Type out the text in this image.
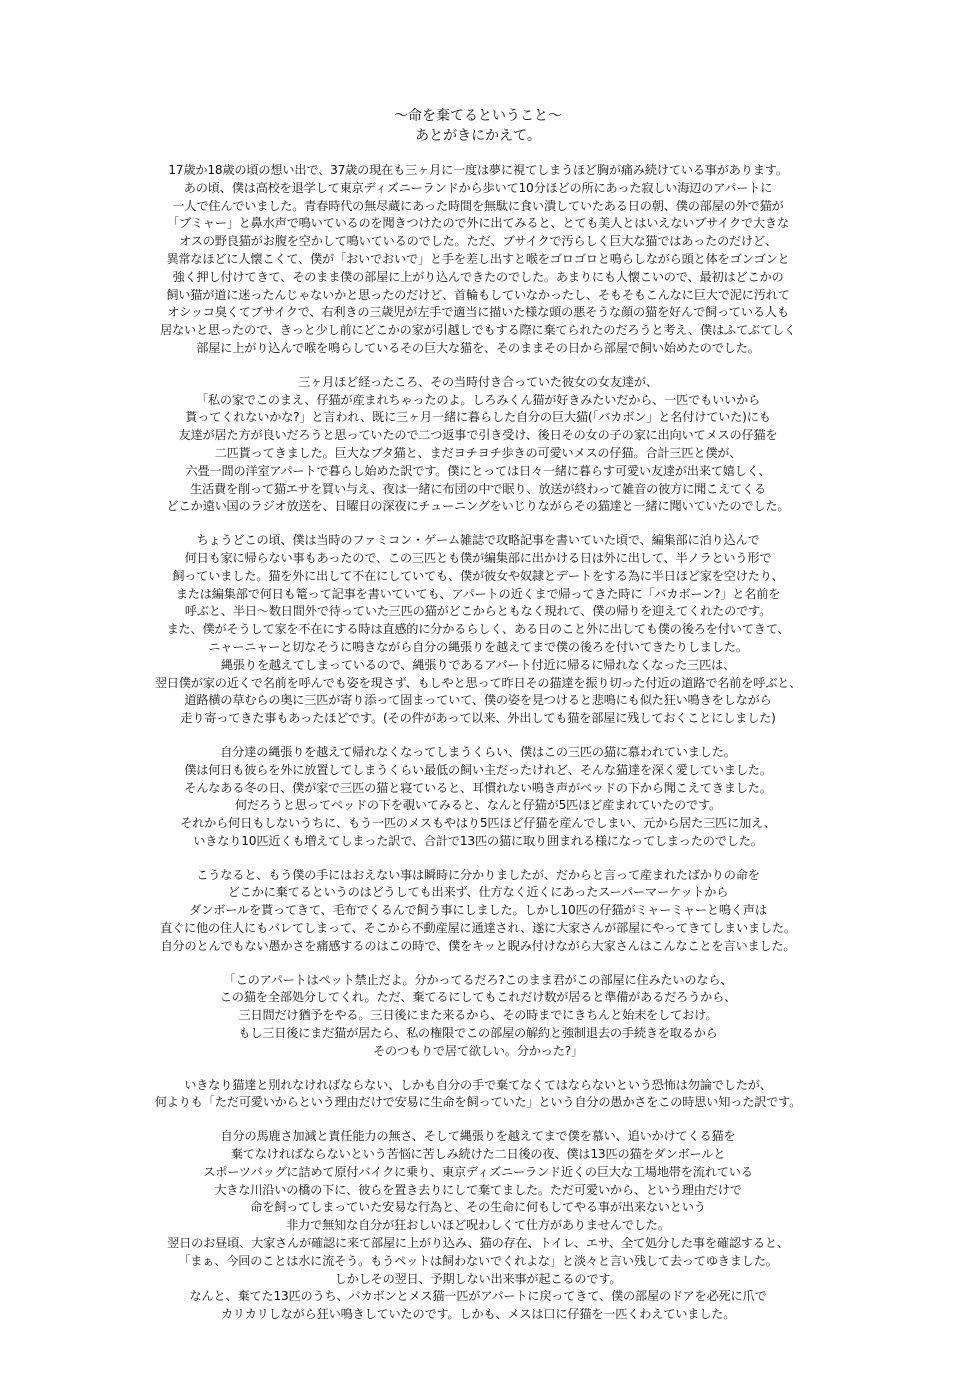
〜命を棄てるということ〜
あとがきにかえて。
17歳か18歳の頃の想い出で、37歳の現在も三ヶ月に一度は夢に視てしまうほど胸が痛み続けている事があります。
あの頃、僕は高校を退学して東京ディズニーランドから歩いて10分ほどの所にあった寂しい海辺のアパートに
一人で住んでいました。青春時代の無尽蔵にあった時間を無駄に食い潰していたある日の朝、僕の部屋の外で猫が
「ブミャー」と鼻水声で鳴いているのを聞きつけたので外に出てみると、とても美人とはいえないブサイクで大きな
オスの野良猫がお腹を空かして鳴いているのでした。ただ、ブサイクで汚らしく巨大な猫ではあったのだけど、
異常なほどに人懐こくて、僕が「おいでおいで」と手を差し出すと喉をゴロゴロと鳴らしながら頭と体をゴンゴンと
強く押し付けてきて、そのまま僕の部屋に上がり込んできたのでした。あまりにも人懐こいので、最初はどこかの
飼い猫が道に迷ったんじゃないかと思ったのだけど、首輪もしていなかったし、そもそもこんなに巨大で泥に汚れて
オシッコ臭くてブサイクで、右利きの三歳児が左手で適当に描いた様な頭の悪そうな顔の猫を好んで飼っている人も
居ないと思ったので、きっと少し前にどこかの家が引越しでもする際に棄てられたのだろうと考え、僕はふてぶてしく
部屋に上がり込んで喉を鳴らしているその巨大な猫を、そのままその日から部屋で飼い始めたのでした。
三ヶ月ほど経ったころ、その当時付き合っていた彼女の女友達が、
「私の家でこのまえ、仔猫が産まれちゃったのよ。しろみくん猫が好きみたいだから、一匹でもいいから
貰ってくれないかな?」と言われ、既に三ヶ月一緒に暮らした自分の巨大猫(「バカボン」と名付けていた)にも
友達が居た方が良いだろうと思っていたので二つ返事で引き受け、後日その女の子の家に出向いてメスの仔猫を
二匹貰ってきました。巨大なブタ猫と、まだヨチヨチ歩きの可愛いメスの仔猫。合計三匹と僕が、
六畳一間の洋室アパートで暮らし始めた訳です。僕にとっては日々一緒に暮らす可愛い友達が出来て嬉しく、
生活費を削って猫エサを買い与え、夜は一緒に布団の中で眠り、放送が終わって雑音の彼方に聞こえてくる
どこか遠い国のラジオ放送を、日曜日の深夜にチューニングをいじりながらその猫達と一緒に聞いていたのでした。
ちょうどこの頃、僕は当時のファミコン・ゲーム雑誌で攻略記事を書いていた頃で、編集部に泊り込んで
何日も家に帰らない事もあったので、この三匹とも僕が編集部に出かける日は外に出して、半ノラという形で
飼っていました。猫を外に出して不在にしていても、僕が彼女や奴隷とデートをする為に半日ほど家を空けたり、
または編集部で何日も篭って記事を書いていても、アパートの近くまで帰ってきた時に「バカボーン?」と名前を
呼ぶと、半日〜数日間外で待っていた三匹の猫がどこからともなく現れて、僕の帰りを迎えてくれたのです。
また、僕がそうして家を不在にする時は直感的に分かるらしく、ある日のこと外に出しても僕の後ろを付いてきて、
ニャーニャーと切なそうに鳴きながら自分の縄張りを越えてまで僕の後ろを付いてきたりしました。
縄張りを越えてしまっているので、縄張りであるアパート付近に帰るに帰れなくなった三匹は、
翌日僕が家の近くで名前を呼んでも姿を現さず、もしやと思って昨日その猫達を振り切った付近の道路で名前を呼ぶと、
道路横の草むらの奥に三匹が寄り添って固まっていて、僕の姿を見つけると悲鳴にも似た狂い鳴きをしながら
走り寄ってきた事もあったほどです。(その件があって以来、外出しても猫を部屋に残しておくことにしました)
自分達の縄張りを越えて帰れなくなってしまうくらい、僕はこの三匹の猫に慕われていました。
僕は何日も彼らを外に放置してしまうくらい最低の飼い主だったけれど、そんな猫達を深く愛していました。
そんなある冬の日、僕が家で三匹の猫と寝ていると、耳慣れない鳴き声がベッドの下から聞こえてきました。
何だろうと思ってベッドの下を覗いてみると、なんと仔猫が5匹ほど産まれていたのです。
それから何日もしないうちに、もう一匹のメスもやはり5匹ほど仔猫を産んでしまい、元から居た三匹に加え、
いきなり10匹近くも増えてしまった訳で、合計で13匹の猫に取り囲まれる様になってしまったのでした。
こうなると、もう僕の手にはおえない事は瞬時に分かりましたが、だからと言って産まれたばかりの命を
どこかに棄てるというのはどうしても出来ず、仕方なく近くにあったスーパーマーケットから
ダンボールを貰ってきて、毛布でくるんで飼う事にしました。しかし10匹の仔猫がミャーミャーと鳴く声は
直ぐに他の住人にもバレてしまって、そこから不動産屋に通達され、遂に大家さんが部屋にやってきてしまいました。
自分のとんでもない愚かさを痛感するのはこの時で、僕をキッと睨み付けながら大家さんはこんなことを言いました。
「このアパートはペット禁止だよ。分かってるだろ?このまま君がこの部屋に住みたいのなら、
この猫を全部処分してくれ。ただ、棄てるにしてもこれだけ数が居ると準備があるだろうから、
三日間だけ猶予をやる。三日後にまた来るから、その時までにきちんと始末をしておけ。
もし三日後にまだ猫が居たら、私の権限でこの部屋の解約と強制退去の手続きを取るから
そのつもりで居て欲しい。分かった?」
いきなり猫達と別れなければならない、しかも自分の手で棄てなくてはならないという恐怖は勿論でしたが、
何よりも「ただ可愛いからという理由だけで安易に生命を飼っていた」という自分の愚かさをこの時思い知った訳です。
自分の馬鹿さ加減と責任能力の無さ、そして縄張りを越えてまで僕を慕い、追いかけてくる猫を
棄てなければならないという苦悩に苦しみ続けた二日後の夜、僕は13匹の猫をダンボールと
スポーツバッグに詰めて原付バイクに乗り、東京ディズニーランド近くの巨大な工場地帯を流れている
大きな川沿いの橋の下に、彼らを置き去りにして棄てました。ただ可愛いから、という理由だけで
命を飼ってしまっていた安易な行為と、その生命に何もしてやる事が出来ないという
非力で無知な自分が狂おしいほど呪わしくて仕方がありませんでした。
翌日のお昼頃、大家さんが確認に来て部屋に上がり込み、猫の存在、トイレ、エサ、全て処分した事を確認すると、
「まぁ、今回のことは水に流そう。もうペットは飼わないでくれよな」と淡々と言い残して去ってゆきました。
しかしその翌日、予期しない出来事が起こるのです。
なんと、棄てた13匹のうち、バカボンとメス猫一匹がアパートに戻ってきて、僕の部屋のドアを必死に爪で
カリカリしながら狂い鳴きしていたのです。しかも、メスは口に仔猫を一匹くわえていました。
